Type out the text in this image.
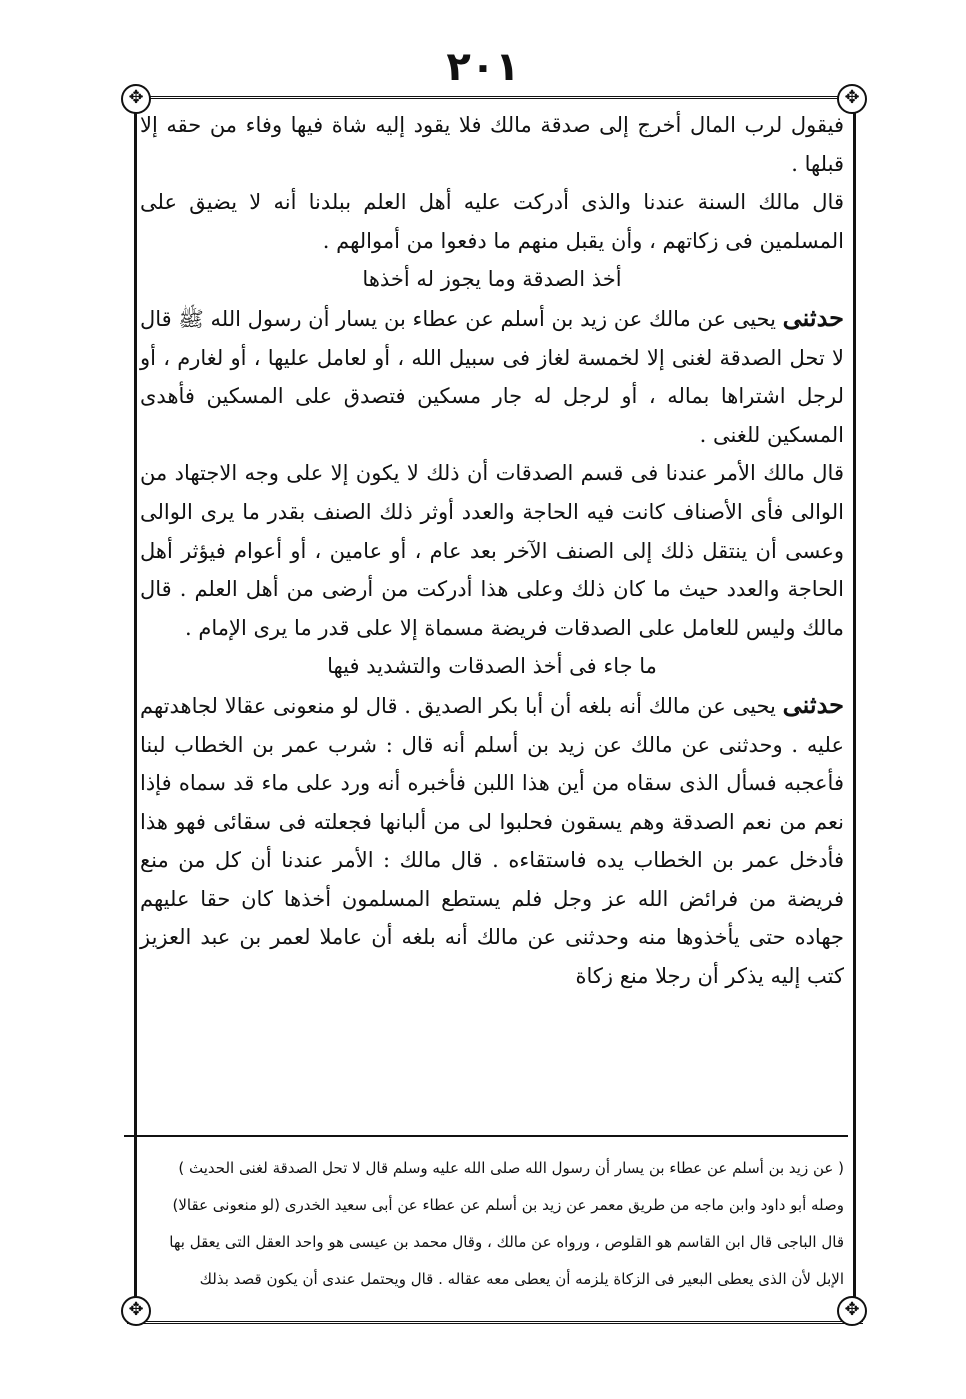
٢٠١
✥	✥
✥	✥

فيقول لرب المال أخرج إلى صدقة مالك فلا يقود إليه شاة فيها وفاء من حقه إلا قبلها .

قال مالك السنة عندنا والذى أدركت عليه أهل العلم ببلدنا أنه لا يضيق على المسلمين فى زكاتهم ، وأن يقبل منهم ما دفعوا من أموالهم .

أخذ الصدقة وما يجوز له أخذها

حدثنى يحيى عن مالك عن زيد بن أسلم عن عطاء بن يسار أن رسول الله ﷺ قال لا تحل الصدقة لغنى إلا لخمسة لغاز فى سبيل الله ، أو لعامل عليها ، أو لغارم ، أو لرجل اشتراها بماله ، أو لرجل له جار مسكين فتصدق على المسكين فأهدى المسكين للغنى .

قال مالك الأمر عندنا فى قسم الصدقات أن ذلك لا يكون إلا على وجه الاجتهاد من الوالى فأى الأصناف كانت فيه الحاجة والعدد أوثر ذلك الصنف بقدر ما يرى الوالى وعسى أن ينتقل ذلك إلى الصنف الآخر بعد عام ، أو عامين ، أو أعوام فيؤثر أهل الحاجة والعدد حيث ما كان ذلك وعلى هذا أدركت من أرضى من أهل العلم . قال مالك وليس للعامل على الصدقات فريضة مسماة إلا على قدر ما يرى الإمام .

ما جاء فى أخذ الصدقات والتشديد فيها

حدثنى يحيى عن مالك أنه بلغه أن أبا بكر الصديق . قال لو منعونى عقالا لجاهدتهم عليه . وحدثنى عن مالك عن زيد بن أسلم أنه قال : شرب عمر بن الخطاب لبنا فأعجبه فسأل الذى سقاه من أين هذا اللبن فأخبره أنه ورد على ماء قد سماه فإذا نعم من نعم الصدقة وهم يسقون فحلبوا لى من ألبانها فجعلته فى سقائى فهو هذا فأدخل عمر بن الخطاب يده فاستقاءه . قال مالك : الأمر عندنا أن كل من منع فريضة من فرائض الله عز وجل فلم يستطع المسلمون أخذها كان حقا عليهم جهاده حتى يأخذوها منه وحدثنى عن مالك أنه بلغه أن عاملا لعمر بن عبد العزيز كتب إليه يذكر أن رجلا منع زكاة

( عن زيد بن أسلم عن عطاء بن يسار أن رسول الله صلى الله عليه وسلم قال لا تحل الصدقة لغنى الحديث )

وصله أبو داود وابن ماجه من طريق معمر عن زيد بن أسلم عن عطاء عن أبى سعيد الخدرى (لو منعونى عقالا)

قال الباجى قال ابن القاسم هو القلوص ، ورواه عن مالك ، وقال محمد بن عيسى هو واحد العقل التى يعقل بها

الإبل لأن الذى يعطى البعير فى الزكاة يلزمه أن يعطى معه عقاله . قال ويحتمل عندى أن يكون قصد بذلك
